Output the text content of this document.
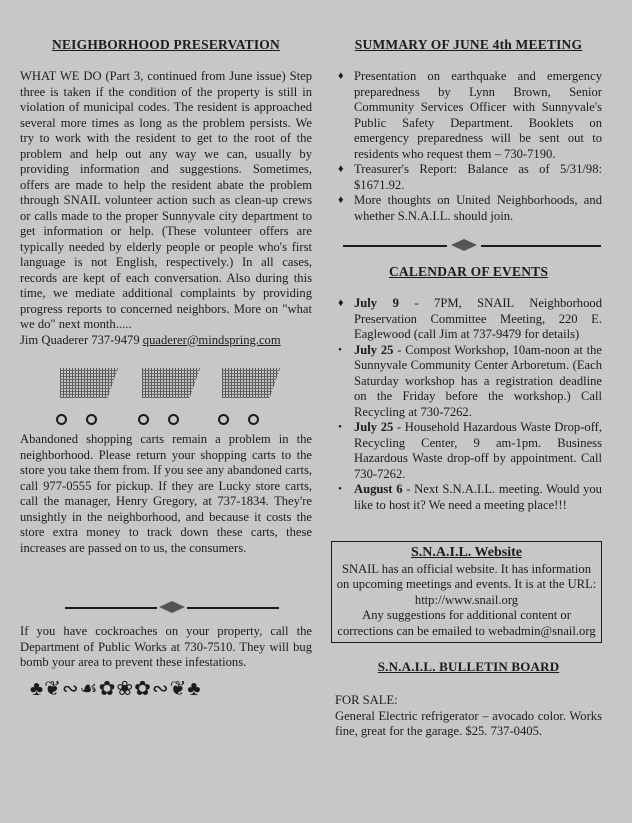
NEIGHBORHOOD PRESERVATION

WHAT WE DO (Part 3, continued from June issue) Step three is taken if the condition of the property is still in violation of municipal codes. The resident is approached several more times as long as the problem persists. We try to work with the resident to get to the root of the problem and help out any way we can, usually by providing information and suggestions. Sometimes, offers are made to help the resident abate the problem through SNAIL volunteer action such as clean-up crews or calls made to the proper Sunnyvale city department to get information or help. (These volunteer offers are typically needed by elderly people or people who's first language is not English, respectively.) In all cases, records are kept of each conversation. Also during this time, we mediate additional complaints by providing progress reports to concerned neighbors. More on "what we do" next month.....

Jim Quaderer 737-9479 quaderer@mindspring.com

Abandoned shopping carts remain a problem in the neighborhood. Please return your shopping carts to the store you take them from. If you see any abandoned carts, call 977-0555 for pickup. If they are Lucky store carts, call the manager, Henry Gregory, at 737-1834. They're unsightly in the neighborhood, and because it costs the store extra money to track down these carts, these increases are passed on to us, the consumers.

If you have cockroaches on your property, call the Department of Public Works at 730-7510. They will bug bomb your area to prevent these infestations.

♣❦∾☙✿❀✿∾❦♣
SUMMARY OF JUNE 4th MEETING
♦ Presentation on earthquake and emergency preparedness by Lynn Brown, Senior Community Services Officer with Sunnyvale's Public Safety Department. Booklets on emergency preparedness will be sent out to residents who request them – 730-7190.
♦ Treasurer's Report: Balance as of 5/31/98: $1671.92.
♦ More thoughts on United Neighborhoods, and whether S.N.A.I.L. should join.
CALENDAR OF EVENTS
♦ July 9 - 7PM, SNAIL Neighborhood Preservation Committee Meeting, 220 E. Eaglewood (call Jim at 737-9479 for details)
• July 25 - Compost Workshop, 10am-noon at the Sunnyvale Community Center Arboretum. (Each Saturday workshop has a registration deadline on the Friday before the workshop.) Call Recycling at 730-7262.
• July 25 - Household Hazardous Waste Drop-off, Recycling Center, 9 am-1pm. Business Hazardous Waste drop-off by appointment. Call 730-7262.
• August 6 - Next S.N.A.I.L. meeting. Would you like to host it? We need a meeting place!!!
S.N.A.I.L. Website
SNAIL has an official website. It has information on upcoming meetings and events. It is at the URL:
http://www.snail.org
Any suggestions for additional content or corrections can be emailed to webadmin@snail.org
S.N.A.I.L. BULLETIN BOARD

FOR SALE:

General Electric refrigerator – avocado color. Works fine, great for the garage. $25. 737-0405.
